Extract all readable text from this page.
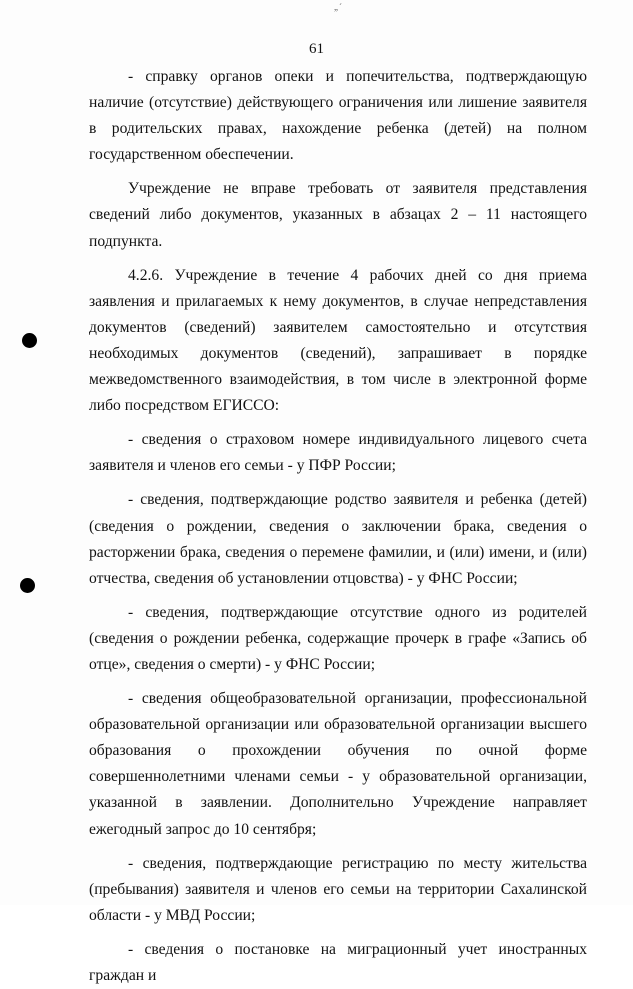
„´
61

- справку органов опеки и попечительства, подтверждающую наличие (отсутствие) действующего ограничения или лишение заявителя в родительских правах, нахождение ребенка (детей) на полном государственном обеспечении.

Учреждение не вправе требовать от заявителя представления сведений либо документов, указанных в абзацах 2 – 11 настоящего подпункта.

4.2.6. Учреждение в течение 4 рабочих дней со дня приема заявления и прилагаемых к нему документов, в случае непредставления документов (сведений) заявителем самостоятельно и отсутствия необходимых документов (сведений), запрашивает в порядке межведомственного взаимодействия, в том числе в электронной форме либо посредством ЕГИССО:

- сведения о страховом номере индивидуального лицевого счета заявителя и членов его семьи - у ПФР России;

- сведения, подтверждающие родство заявителя и ребенка (детей) (сведения о рождении, сведения о заключении брака, сведения о расторжении брака, сведения о перемене фамилии, и (или) имени, и (или) отчества, сведения об установлении отцовства) - у ФНС России;

- сведения, подтверждающие отсутствие одного из родителей (сведения о рождении ребенка, содержащие прочерк в графе «Запись об отце», сведения о смерти) - у ФНС России;

- сведения общеобразовательной организации, профессиональной образовательной организации или образовательной организации высшего образования о прохождении обучения по очной форме совершеннолетними членами семьи - у образовательной организации, указанной в заявлении. Дополнительно Учреждение направляет ежегодный запрос до 10 сентября;

- сведения, подтверждающие регистрацию по месту жительства (пребывания) заявителя и членов его семьи на территории Сахалинской области - у МВД России;

- сведения о постановке на миграционный учет иностранных граждан и
